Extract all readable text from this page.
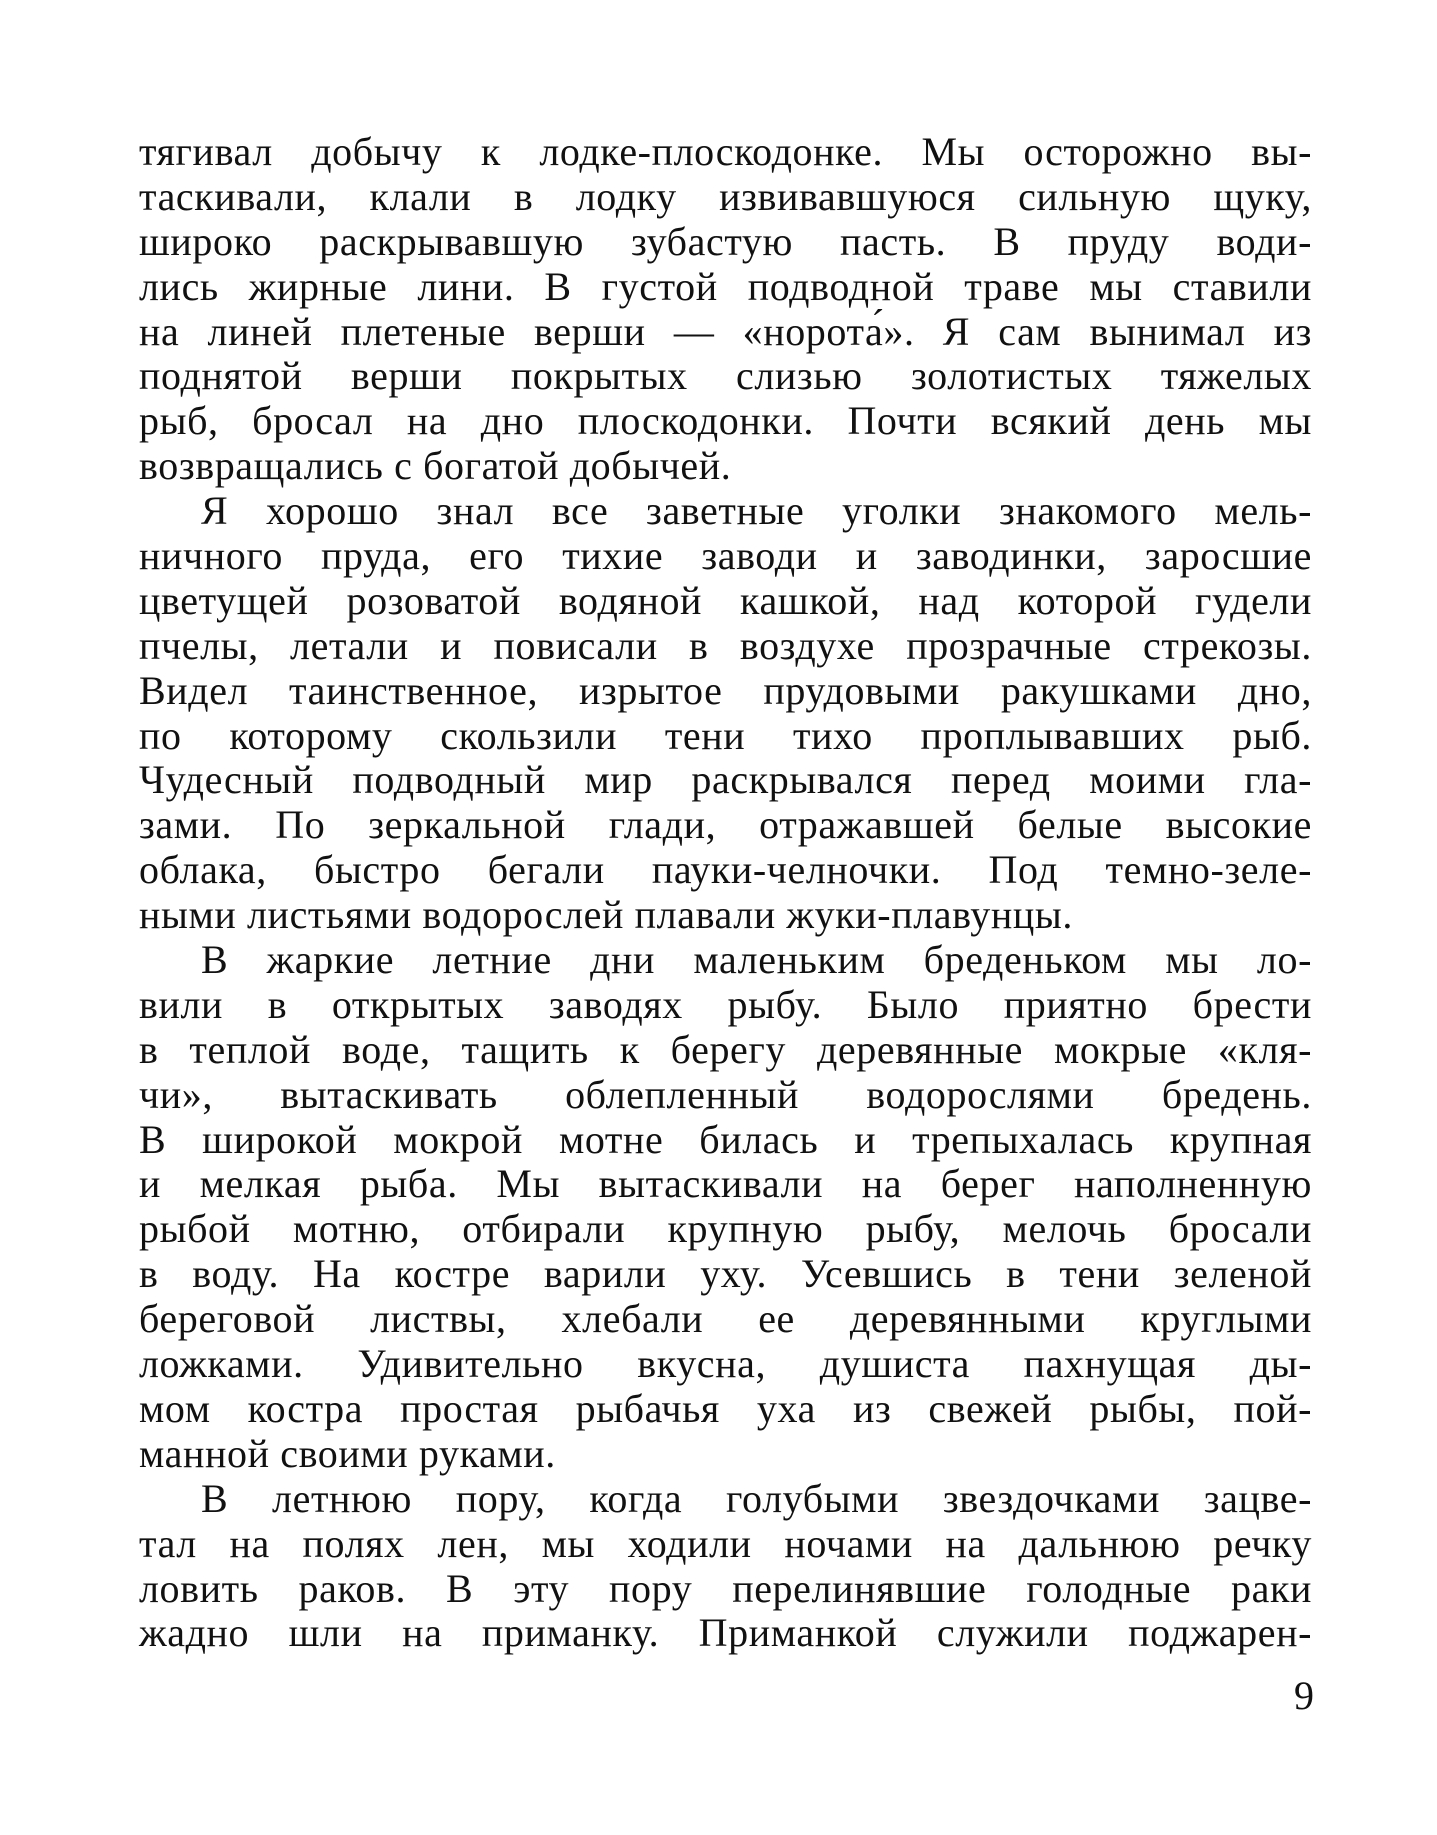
тягивал добычу к лодке-плоскодонке. Мы осторожно вы-
таскивали, клали в лодку извивавшуюся сильную щуку,
широко раскрывавшую зубастую пасть. В пруду води-
лись жирные лини. В густой подводной траве мы ставили
на линей плетеные верши — «норота́». Я сам вынимал из
поднятой верши покрытых слизью золотистых тяжелых
рыб, бросал на дно плоскодонки. Почти всякий день мы
возвращались с богатой добычей.
Я хорошо знал все заветные уголки знакомого мель-
ничного пруда, его тихие заводи и заводинки, заросшие
цветущей розоватой водяной кашкой, над которой гудели
пчелы, летали и повисали в воздухе прозрачные стрекозы.
Видел таинственное, изрытое прудовыми ракушками дно,
по которому скользили тени тихо проплывавших рыб.
Чудесный подводный мир раскрывался перед моими гла-
зами. По зеркальной глади, отражавшей белые высокие
облака, быстро бегали пауки-челночки. Под темно-зеле-
ными листьями водорослей плавали жуки-плавунцы.
В жаркие летние дни маленьким бреденьком мы ло-
вили в открытых заводях рыбу. Было приятно брести
в теплой воде, тащить к берегу деревянные мокрые «кля-
чи», вытаскивать облепленный водорослями бредень.
В широкой мокрой мотне билась и трепыхалась крупная
и мелкая рыба. Мы вытаскивали на берег наполненную
рыбой мотню, отбирали крупную рыбу, мелочь бросали
в воду. На костре варили уху. Усевшись в тени зеленой
береговой листвы, хлебали ее деревянными круглыми
ложками. Удивительно вкусна, душиста пахнущая ды-
мом костра простая рыбачья уха из свежей рыбы, пой-
манной своими руками.
В летнюю пору, когда голубыми звездочками зацве-
тал на полях лен, мы ходили ночами на дальнюю речку
ловить раков. В эту пору перелинявшие голодные раки
жадно шли на приманку. Приманкой служили поджарен-
9
